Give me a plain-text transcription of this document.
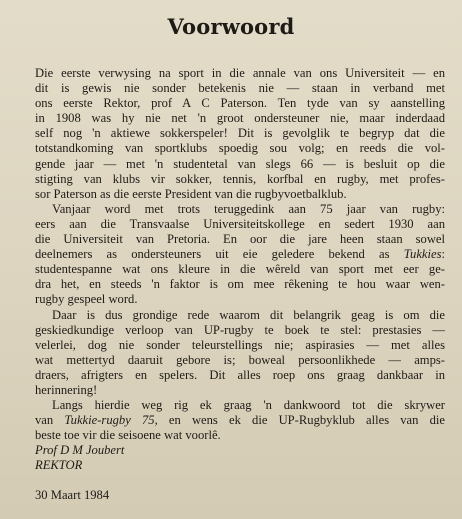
Voorwoord

Die eerste verwysing na sport in die annale van ons Universiteit — en

dit is gewis nie sonder betekenis nie — staan in verband met

ons eerste Rektor, prof A C Paterson. Ten tyde van sy aanstelling

in 1908 was hy nie net 'n groot ondersteuner nie, maar inderdaad

self nog 'n aktiewe sokkerspeler! Dit is gevolglik te begryp dat die

totstandkoming van sportklubs spoedig sou volg; en reeds die vol-

gende jaar — met 'n studentetal van slegs 66 — is besluit op die

stigting van klubs vir sokker, tennis, korfbal en rugby, met profes-

sor Paterson as die eerste President van die rugbyvoetbalklub.

Vanjaar word met trots teruggedink aan 75 jaar van rugby:

eers aan die Transvaalse Universiteitskollege en sedert 1930 aan

die Universiteit van Pretoria. En oor die jare heen staan sowel

deelnemers as ondersteuners uit eie geledere bekend as Tukkies:

studentespanne wat ons kleure in die wêreld van sport met eer ge-

dra het, en steeds 'n faktor is om mee rêkening te hou waar wen-

rugby gespeel word.

Daar is dus grondige rede waarom dit belangrik geag is om die

geskiedkundige verloop van UP-rugby te boek te stel: prestasies —

velerlei, dog nie sonder teleurstellings nie; aspirasies — met alles

wat mettertyd daaruit gebore is; boweal persoonlikhede — amps-

draers, afrigters en spelers. Dit alles roep ons graag dankbaar in

herinnering!

Langs hierdie weg rig ek graag 'n dankwoord tot die skrywer

van Tukkie-rugby 75, en wens ek die UP-Rugbyklub alles van die

beste toe vir die seisoene wat voorlê.

Prof D M Joubert
REKTOR
30 Maart 1984
